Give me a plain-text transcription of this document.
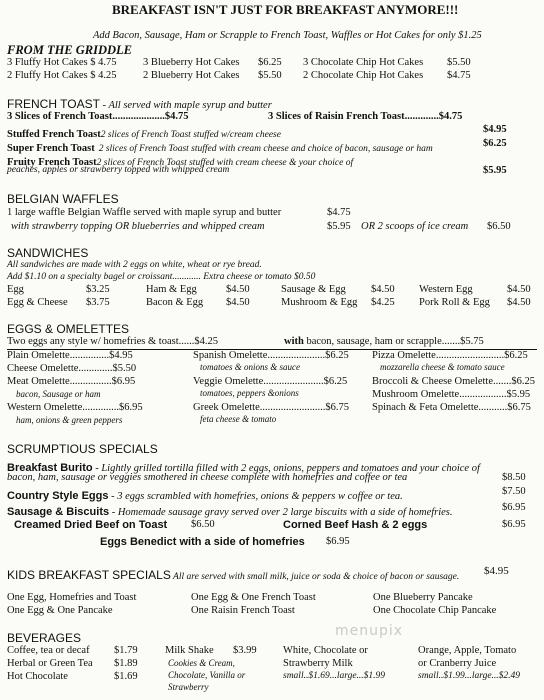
BREAKFAST ISN'T JUST FOR BREAKFAST ANYMORE!!!
Add Bacon, Sausage, Ham or Scrapple to French Toast, Waffles or Hot Cakes for only $1.25
FROM THE GRIDDLE
3 Fluffy Hot Cakes $ 4.75	3 Blueberry Hot Cakes $6.25 3 Chocolate Chip Hot Cakes $5.50
2 Fluffy Hot Cakes $ 4.25	2 Blueberry Hot Cakes $5.50 2 Chocolate Chip Hot Cakes $4.75
FRENCH TOAST - All served with maple syrup and butter
3 Slices of French Toast....................$4.75	3 Slices of Raisin French Toast.............$4.75
Stuffed French Toast2 slices of French Toast stuffed w/cream cheese	$4.95
Super French Toast 2 slices of French Toast stuffed with cream cheese and choice of bacon, sausage or ham	$6.25
Fruity French Toast2 slices of French Toast stuffed with cream cheese & your choice of
peaches, apples or strawberry topped with whipped cream	$5.95
BELGIAN WAFFLES
1 large waffle Belgian Waffle served with maple syrup and butter	$4.75
with strawberry topping OR blueberries and whipped cream	$5.95 OR 2 scoops of ice cream $6.50
SANDWICHES
All sandwiches are made with 2 eggs on white, wheat or rye bread.
Add $1.10 on a specialty bagel or croissant............ Extra cheese or tomato $0.50
Egg	$3.25	Ham & Egg	$4.50	Sausage & Egg $4.50 Western Egg	$4.50
Egg & Cheese $3.75	Bacon & Egg $4.50	Mushroom & Egg $4.25 Pork Roll & Egg $4.50
EGGS & OMELETTES
Two eggs any style w/ homefries & toast......$4.25	with bacon, sausage, ham or scrapple.......$5.75
Plain Omelette...............$4.95
Cheese Omelette.............$5.50
Meat Omelette................$6.95
bacon, Sausage or ham
Western Omelette..............$6.95
ham, onions & green peppers
Spanish Omelette......................$6.25
tomatoes & onions & sauce
Veggie Omelette.......................$6.25
tomatoes, peppers &onions
Greek Omelette.........................$6.75
feta cheese & tomato
Pizza Omelette..........................$6.25
mozzarella cheese & tomato sauce
Broccoli & Cheese Omelette.......$6.25
Mushroom Omelette..................$5.95
Spinach & Feta Omelette...........$6.75
SCRUMPTIOUS SPECIALS
Breakfast Burito - Lightly grilled tortilla filled with 2 eggs, onions, peppers and tomatoes and your choice of
bacon, ham, sausage or veggies smothered in cheese complete with homefries and coffee or tea	$8.50
Country Style Eggs - 3 eggs scrambled with homefries, onions & peppers w coffee or tea.	$7.50
Sausage & Biscuits - Homemade sausage gravy served over 2 large biscuits with a side of homefries.	$6.95
Creamed Dried Beef on Toast $6.50	Corned Beef Hash & 2 eggs	$6.95
Eggs Benedict with a side of homefries $6.95
KIDS BREAKFAST SPECIALS All are served with small milk, juice or soda & choice of bacon or sausage. $4.95
One Egg, Homefries and Toast	One Egg & One French Toast	One Blueberry Pancake
One Egg & One Pancake	One Raisin French Toast	One Chocolate Chip Pancake
BEVERAGES
Coffee, tea or decaf $1.79
Herbal or Green Tea $1.89
Hot Chocolate	$1.69
Milk Shake $3.99
Cookies & Cream,
Chocolate, Vanilla or
Strawberry
White, Chocolate or
Strawberry Milk
small..$1.69...large...$1.99
Orange, Apple, Tomato
or Cranberry Juice
small..$1.99...large...$2.49
menupix
